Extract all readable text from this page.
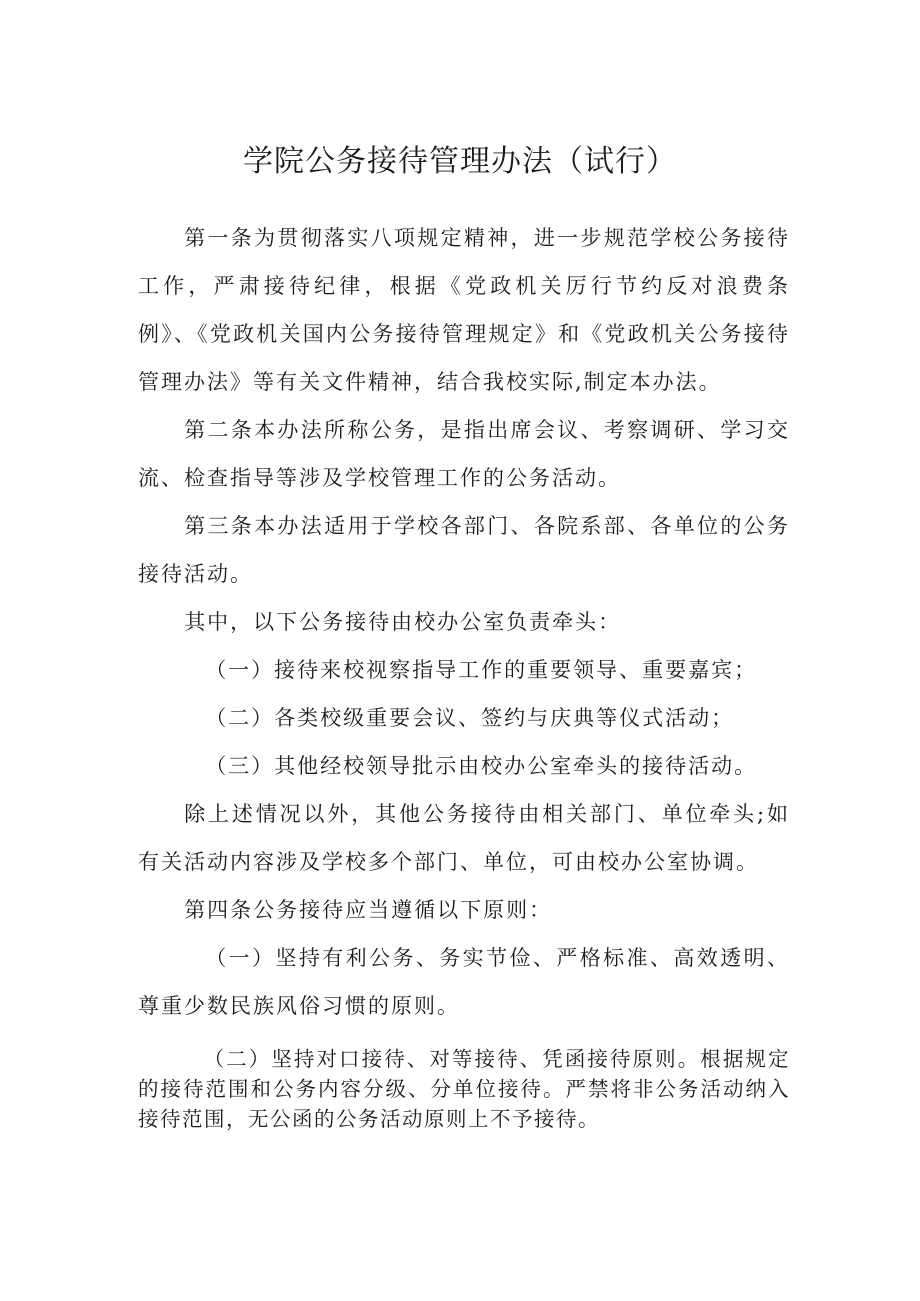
学院公务接待管理办法（试行）

第一条为贯彻落实八项规定精神，进一步规范学校公务接待工作，严肃接待纪律，根据《党政机关厉行节约反对浪费条例》、《党政机关国内公务接待管理规定》和《党政机关公务接待管理办法》等有关文件精神，结合我校实际,制定本办法。

第二条本办法所称公务，是指出席会议、考察调研、学习交流、检查指导等涉及学校管理工作的公务活动。

第三条本办法适用于学校各部门、各院系部、各单位的公务接待活动。

其中，以下公务接待由校办公室负责牵头：

（一）接待来校视察指导工作的重要领导、重要嘉宾；

（二）各类校级重要会议、签约与庆典等仪式活动；

（三）其他经校领导批示由校办公室牵头的接待活动。

除上述情况以外，其他公务接待由相关部门、单位牵头;如有关活动内容涉及学校多个部门、单位，可由校办公室协调。

第四条公务接待应当遵循以下原则：

（一）坚持有利公务、务实节俭、严格标准、高效透明、尊重少数民族风俗习惯的原则。

（二）坚持对口接待、对等接待、凭函接待原则。根据规定的接待范围和公务内容分级、分单位接待。严禁将非公务活动纳入接待范围，无公函的公务活动原则上不予接待。
